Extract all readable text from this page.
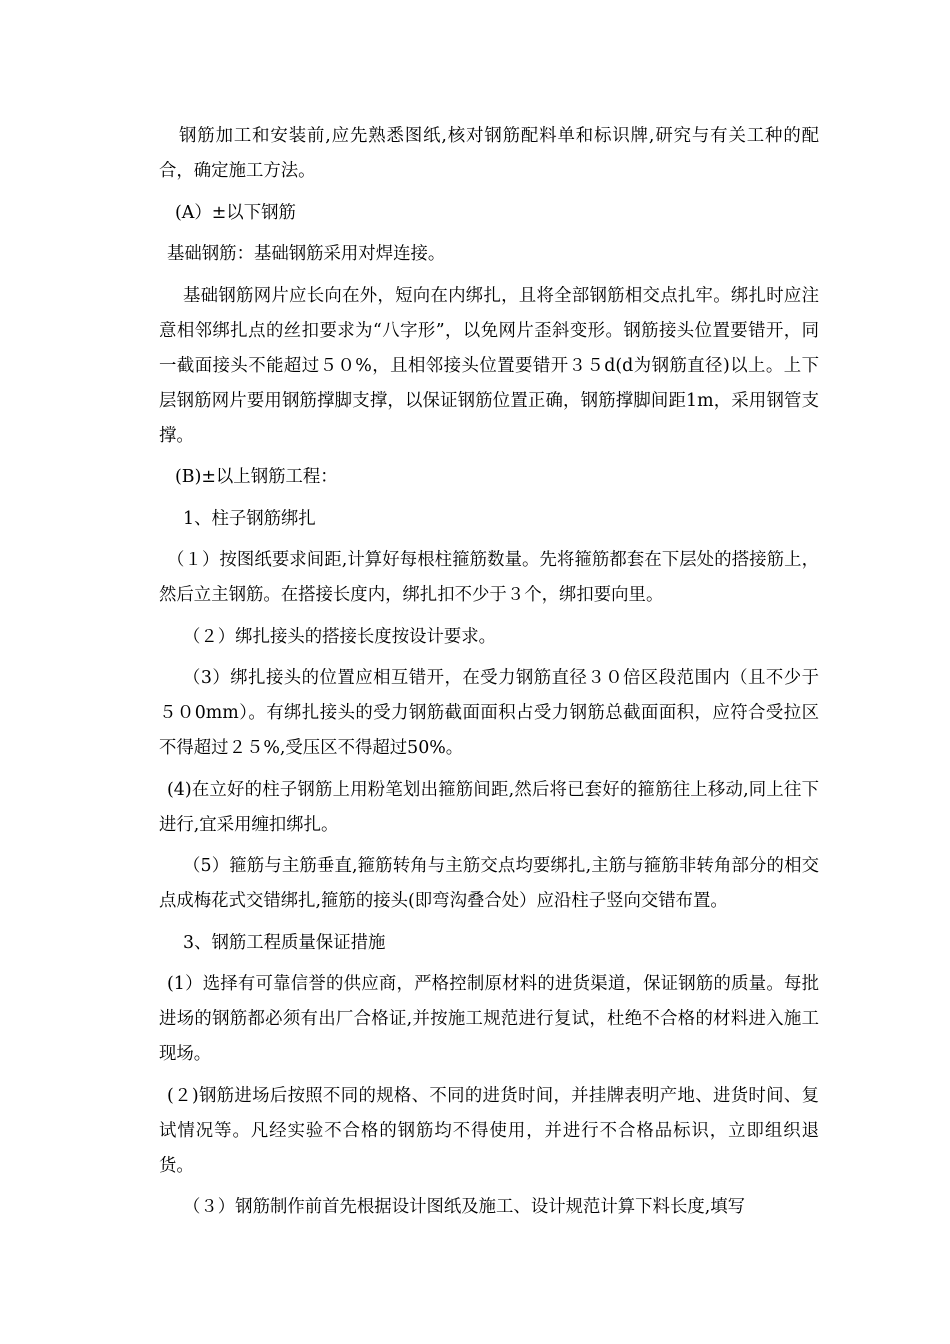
钢筋加工和安装前,应先熟悉图纸,核对钢筋配料单和标识牌,研究与有关工种的配合，确定施工方法。

(A）±以下钢筋

基础钢筋：基础钢筋采用对焊连接。

基础钢筋网片应长向在外，短向在内绑扎，且将全部钢筋相交点扎牢。绑扎时应注意相邻绑扎点的丝扣要求为“八字形”，以免网片歪斜变形。钢筋接头位置要错开，同一截面接头不能超过５０%，且相邻接头位置要错开３５d(d为钢筋直径)以上。上下层钢筋网片要用钢筋撑脚支撑，以保证钢筋位置正确，钢筋撑脚间距1m，采用钢管支撑。

(B)±以上钢筋工程：

1、柱子钢筋绑扎

（１）按图纸要求间距,计算好每根柱箍筋数量。先将箍筋都套在下层处的搭接筋上，然后立主钢筋。在搭接长度内，绑扎扣不少于３个，绑扣要向里。

（２）绑扎接头的搭接长度按设计要求。

（3）绑扎接头的位置应相互错开，在受力钢筋直径３０倍区段范围内（且不少于５０0mm）。有绑扎接头的受力钢筋截面面积占受力钢筋总截面面积，应符合受拉区不得超过２５%,受压区不得超过50%。

(4)在立好的柱子钢筋上用粉笔划出箍筋间距,然后将已套好的箍筋往上移动,同上往下进行,宜采用缠扣绑扎。

（5）箍筋与主筋垂直,箍筋转角与主筋交点均要绑扎,主筋与箍筋非转角部分的相交点成梅花式交错绑扎,箍筋的接头(即弯沟叠合处）应沿柱子竖向交错布置。

3、钢筋工程质量保证措施

(1）选择有可靠信誉的供应商，严格控制原材料的进货渠道，保证钢筋的质量。每批进场的钢筋都必须有出厂合格证,并按施工规范进行复试，杜绝不合格的材料进入施工现场。

(２)钢筋进场后按照不同的规格、不同的进货时间，并挂牌表明产地、进货时间、复试情况等。凡经实验不合格的钢筋均不得使用，并进行不合格品标识，立即组织退货。

（３）钢筋制作前首先根据设计图纸及施工、设计规范计算下料长度,填写
